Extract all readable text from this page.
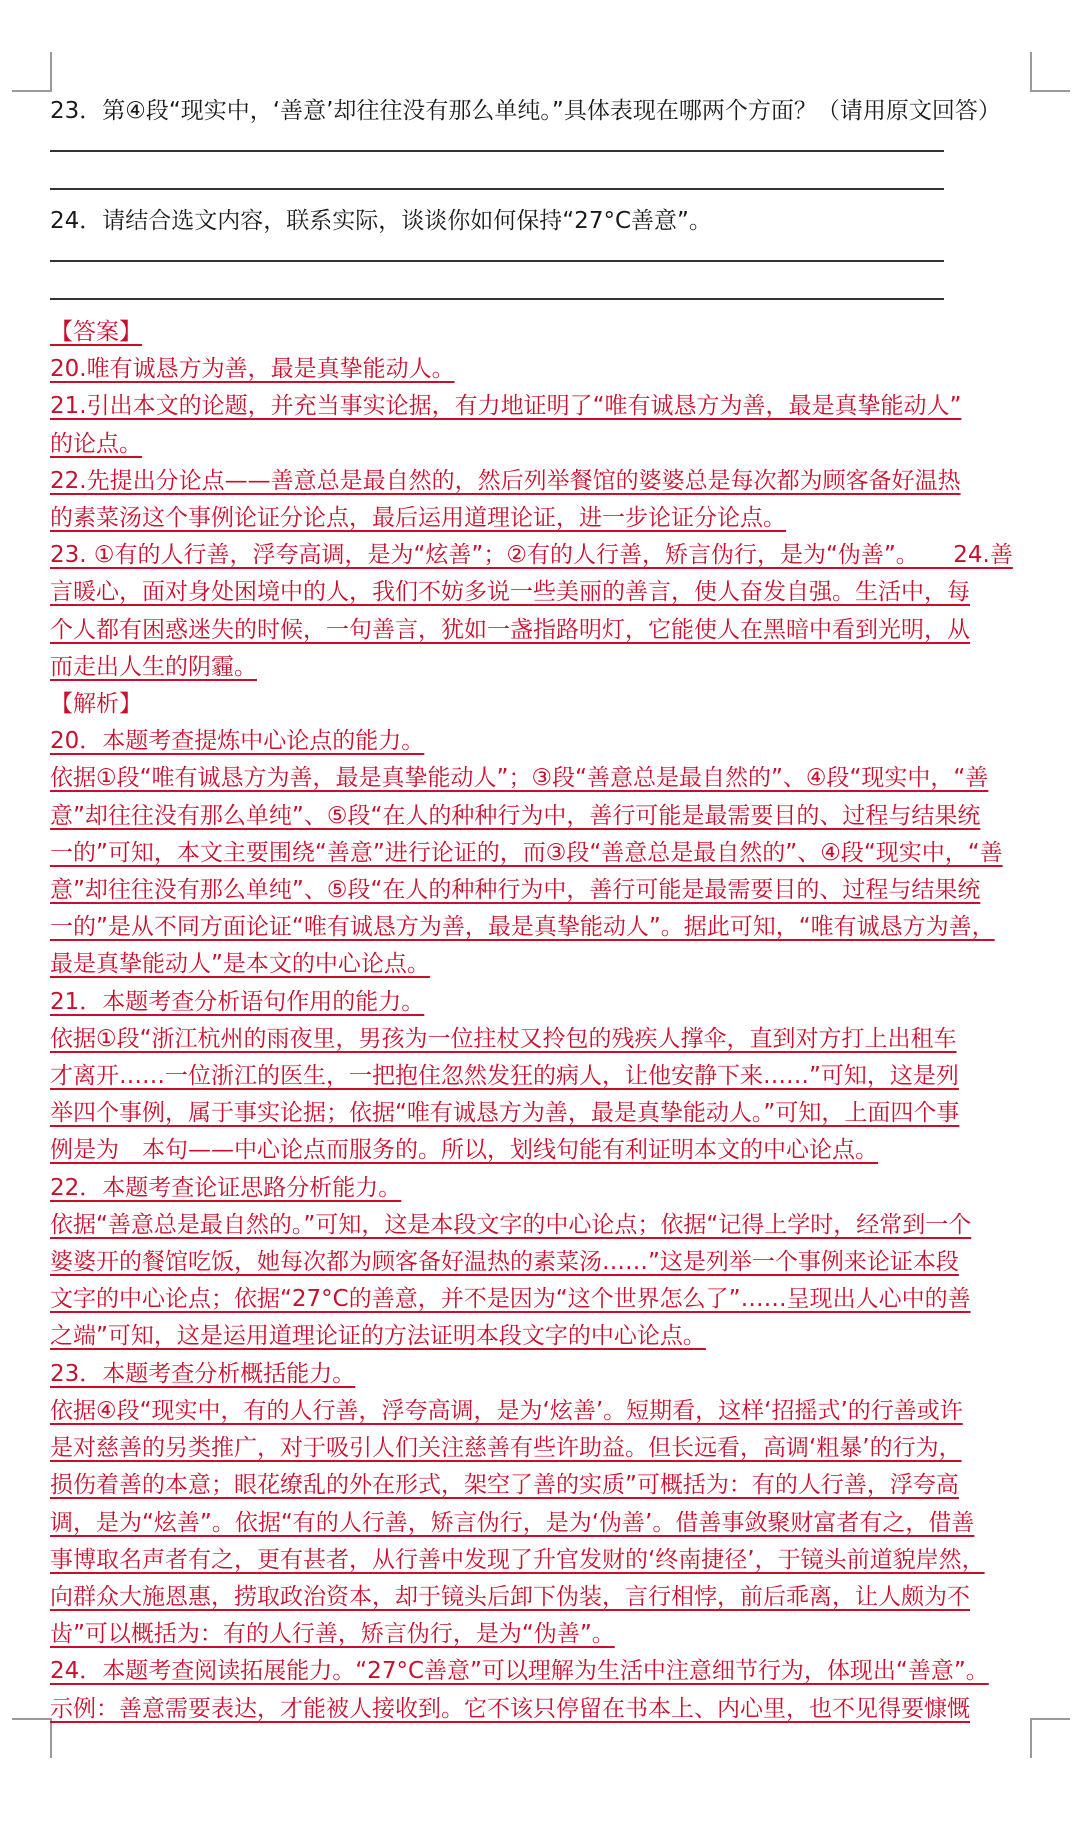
23．第④段“现实中，‘善意’却往往没有那么单纯。”具体表现在哪两个方面？（请用原文回答）
24．请结合选文内容，联系实际，谈谈你如何保持“27°C善意”。

【答案】

20.唯有诚恳方为善，最是真挚能动人。

21.引出本文的论题，并充当事实论据，有力地证明了“唯有诚恳方为善，最是真挚能动人”

的论点。

22.先提出分论点——善意总是最自然的，然后列举餐馆的婆婆总是每次都为顾客备好温热

的素菜汤这个事例论证分论点，最后运用道理论证，进一步论证分论点。

23. ①有的人行善，浮夸高调，是为“炫善”；②有的人行善，矫言伪行，是为“伪善”。　　24.善

言暖心，面对身处困境中的人，我们不妨多说一些美丽的善言，使人奋发自强。生活中，每

个人都有困惑迷失的时候，一句善言，犹如一盏指路明灯，它能使人在黑暗中看到光明，从

而走出人生的阴霾。

【解析】

20．本题考查提炼中心论点的能力。

依据①段“唯有诚恳方为善，最是真挚能动人”；③段“善意总是最自然的”、④段“现实中，“善

意”却往往没有那么单纯”、⑤段“在人的种种行为中，善行可能是最需要目的、过程与结果统

一的”可知，本文主要围绕“善意”进行论证的，而③段“善意总是最自然的”、④段“现实中，“善

意”却往往没有那么单纯”、⑤段“在人的种种行为中，善行可能是最需要目的、过程与结果统

一的”是从不同方面论证“唯有诚恳方为善，最是真挚能动人”。据此可知，“唯有诚恳方为善，

最是真挚能动人”是本文的中心论点。

21．本题考查分析语句作用的能力。

依据①段“浙江杭州的雨夜里，男孩为一位拄杖又拎包的残疾人撑伞，直到对方打上出租车

才离开……一位浙江的医生，一把抱住忽然发狂的病人，让他安静下来……”可知，这是列

举四个事例，属于事实论据；依据“唯有诚恳方为善，最是真挚能动人。”可知，上面四个事

例是为　本句——中心论点而服务的。所以，划线句能有利证明本文的中心论点。

22．本题考查论证思路分析能力。

依据“善意总是最自然的。”可知，这是本段文字的中心论点；依据“记得上学时，经常到一个

婆婆开的餐馆吃饭，她每次都为顾客备好温热的素菜汤……”这是列举一个事例来论证本段

文字的中心论点；依据“27°C的善意，并不是因为“这个世界怎么了”……呈现出人心中的善

之端”可知，这是运用道理论证的方法证明本段文字的中心论点。

23．本题考查分析概括能力。

依据④段“现实中，有的人行善，浮夸高调，是为‘炫善’。短期看，这样‘招摇式’的行善或许

是对慈善的另类推广，对于吸引人们关注慈善有些许助益。但长远看，高调‘粗暴’的行为，

损伤着善的本意；眼花缭乱的外在形式，架空了善的实质”可概括为：有的人行善，浮夸高

调，是为“炫善”。依据“有的人行善，矫言伪行，是为‘伪善’。借善事敛聚财富者有之，借善

事博取名声者有之，更有甚者，从行善中发现了升官发财的‘终南捷径’，于镜头前道貌岸然，

向群众大施恩惠，捞取政治资本，却于镜头后卸下伪装，言行相悖，前后乖离，让人颇为不

齿”可以概括为：有的人行善，矫言伪行，是为“伪善”。

24．本题考查阅读拓展能力。“27°C善意”可以理解为生活中注意细节行为，体现出“善意”。

示例：善意需要表达，才能被人接收到。它不该只停留在书本上、内心里，也不见得要慷慨
